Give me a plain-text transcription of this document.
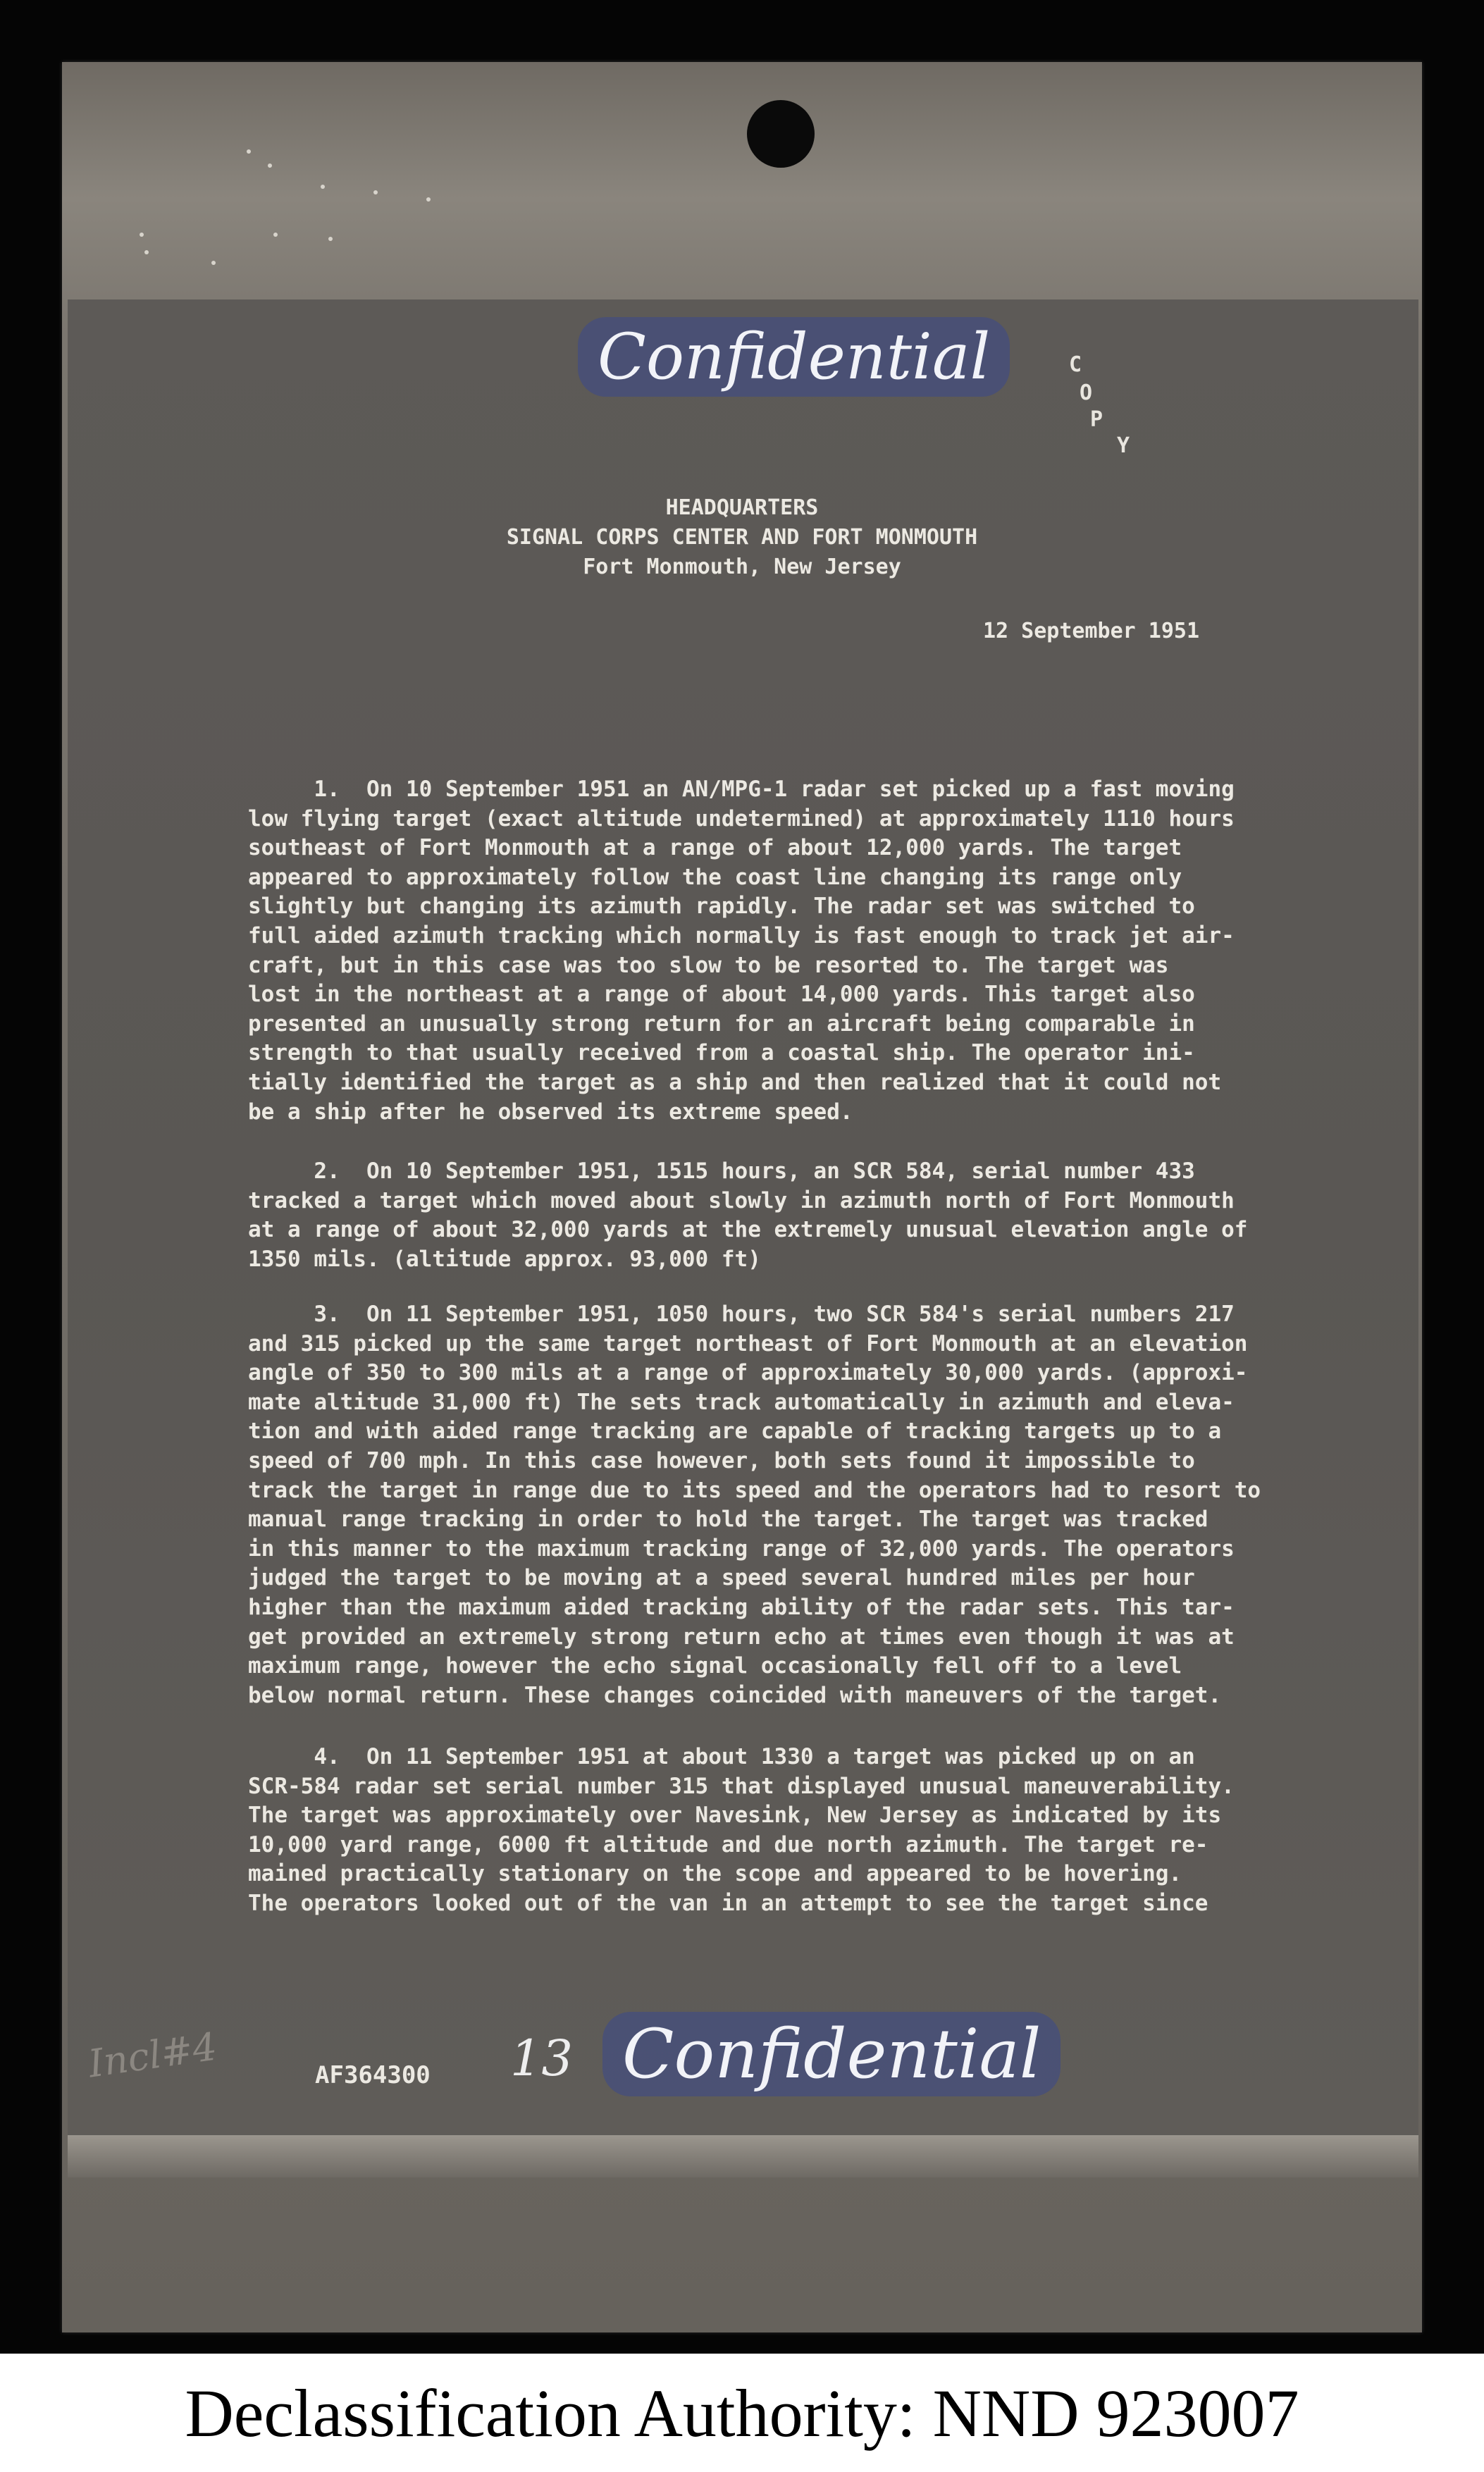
Confidential	C
O
P
Y
HEADQUARTERS
SIGNAL CORPS CENTER AND FORT MONMOUTH
Fort Monmouth, New Jersey
12 September 1951

1.  On 10 September 1951 an AN/MPG-1 radar set picked up a fast moving

low flying target (exact altitude undetermined) at approximately 1110 hours

southeast of Fort Monmouth at a range of about 12,000 yards. The target

appeared to approximately follow the coast line changing its range only

slightly but changing its azimuth rapidly. The radar set was switched to

full aided azimuth tracking which normally is fast enough to track jet air-

craft, but in this case was too slow to be resorted to. The target was

lost in the northeast at a range of about 14,000 yards. This target also

presented an unusually strong return for an aircraft being comparable in

strength to that usually received from a coastal ship. The operator ini-

tially identified the target as a ship and then realized that it could not

be a ship after he observed its extreme speed.

2.  On 10 September 1951, 1515 hours, an SCR 584, serial number 433

tracked a target which moved about slowly in azimuth north of Fort Monmouth

at a range of about 32,000 yards at the extremely unusual elevation angle of

1350 mils. (altitude approx. 93,000 ft)

3.  On 11 September 1951, 1050 hours, two SCR 584's serial numbers 217

and 315 picked up the same target northeast of Fort Monmouth at an elevation

angle of 350 to 300 mils at a range of approximately 30,000 yards. (approxi-

mate altitude 31,000 ft) The sets track automatically in azimuth and eleva-

tion and with aided range tracking are capable of tracking targets up to a

speed of 700 mph. In this case however, both sets found it impossible to

track the target in range due to its speed and the operators had to resort to

manual range tracking in order to hold the target. The target was tracked

in this manner to the maximum tracking range of 32,000 yards. The operators

judged the target to be moving at a speed several hundred miles per hour

higher than the maximum aided tracking ability of the radar sets. This tar-

get provided an extremely strong return echo at times even though it was at

maximum range, however the echo signal occasionally fell off to a level

below normal return. These changes coincided with maneuvers of the target.

4.  On 11 September 1951 at about 1330 a target was picked up on an

SCR-584 radar set serial number 315 that displayed unusual maneuverability.

The target was approximately over Navesink, New Jersey as indicated by its

10,000 yard range, 6000 ft altitude and due north azimuth. The target re-

mained practically stationary on the scope and appeared to be hovering.

The operators looked out of the van in an attempt to see the target since

Incl#4	AF364300 13 Confidential
Declassification Authority: NND 923007
